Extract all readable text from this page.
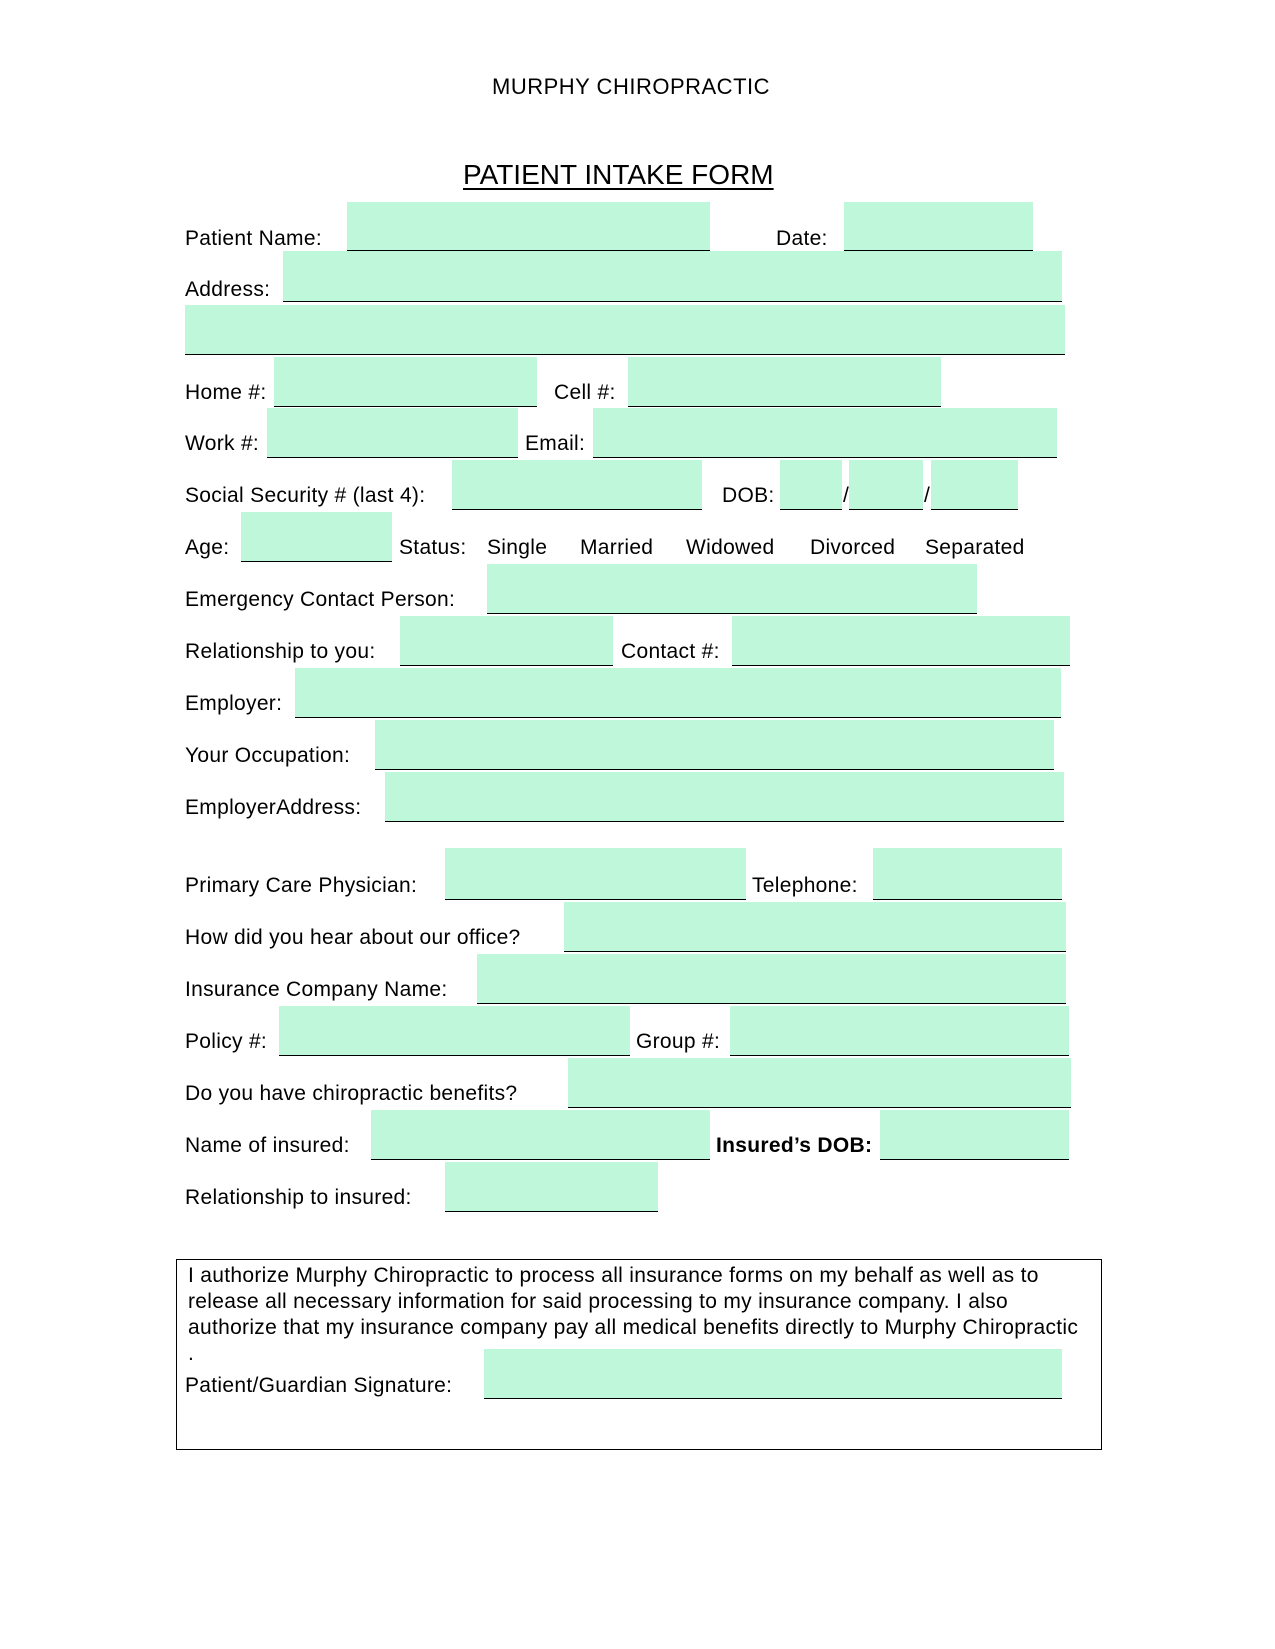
MURPHY CHIROPRACTIC
PATIENT INTAKE FORM
Patient Name:	Date:
Address:
Home #:	Cell #:
Work #:	Email:
Social Security # (last 4):	DOB:	/	/
Age:	Status: Single Married Widowed Divorced Separated
Emergency Contact Person:
Relationship to you:	Contact #:
Employer:
Your Occupation:
EmployerAddress:
Primary Care Physician:	Telephone:
How did you hear about our office?
Insurance Company Name:
Policy #:	Group #:
Do you have chiropractic benefits?
Name of insured:	Insured’s DOB:
Relationship to insured:
I authorize Murphy Chiropractic to process all insurance forms on my behalf as well as to release all necessary information for said processing to my insurance company. I also authorize that my insurance company pay all medical benefits directly to Murphy Chiropractic .
Patient/Guardian Signature:
